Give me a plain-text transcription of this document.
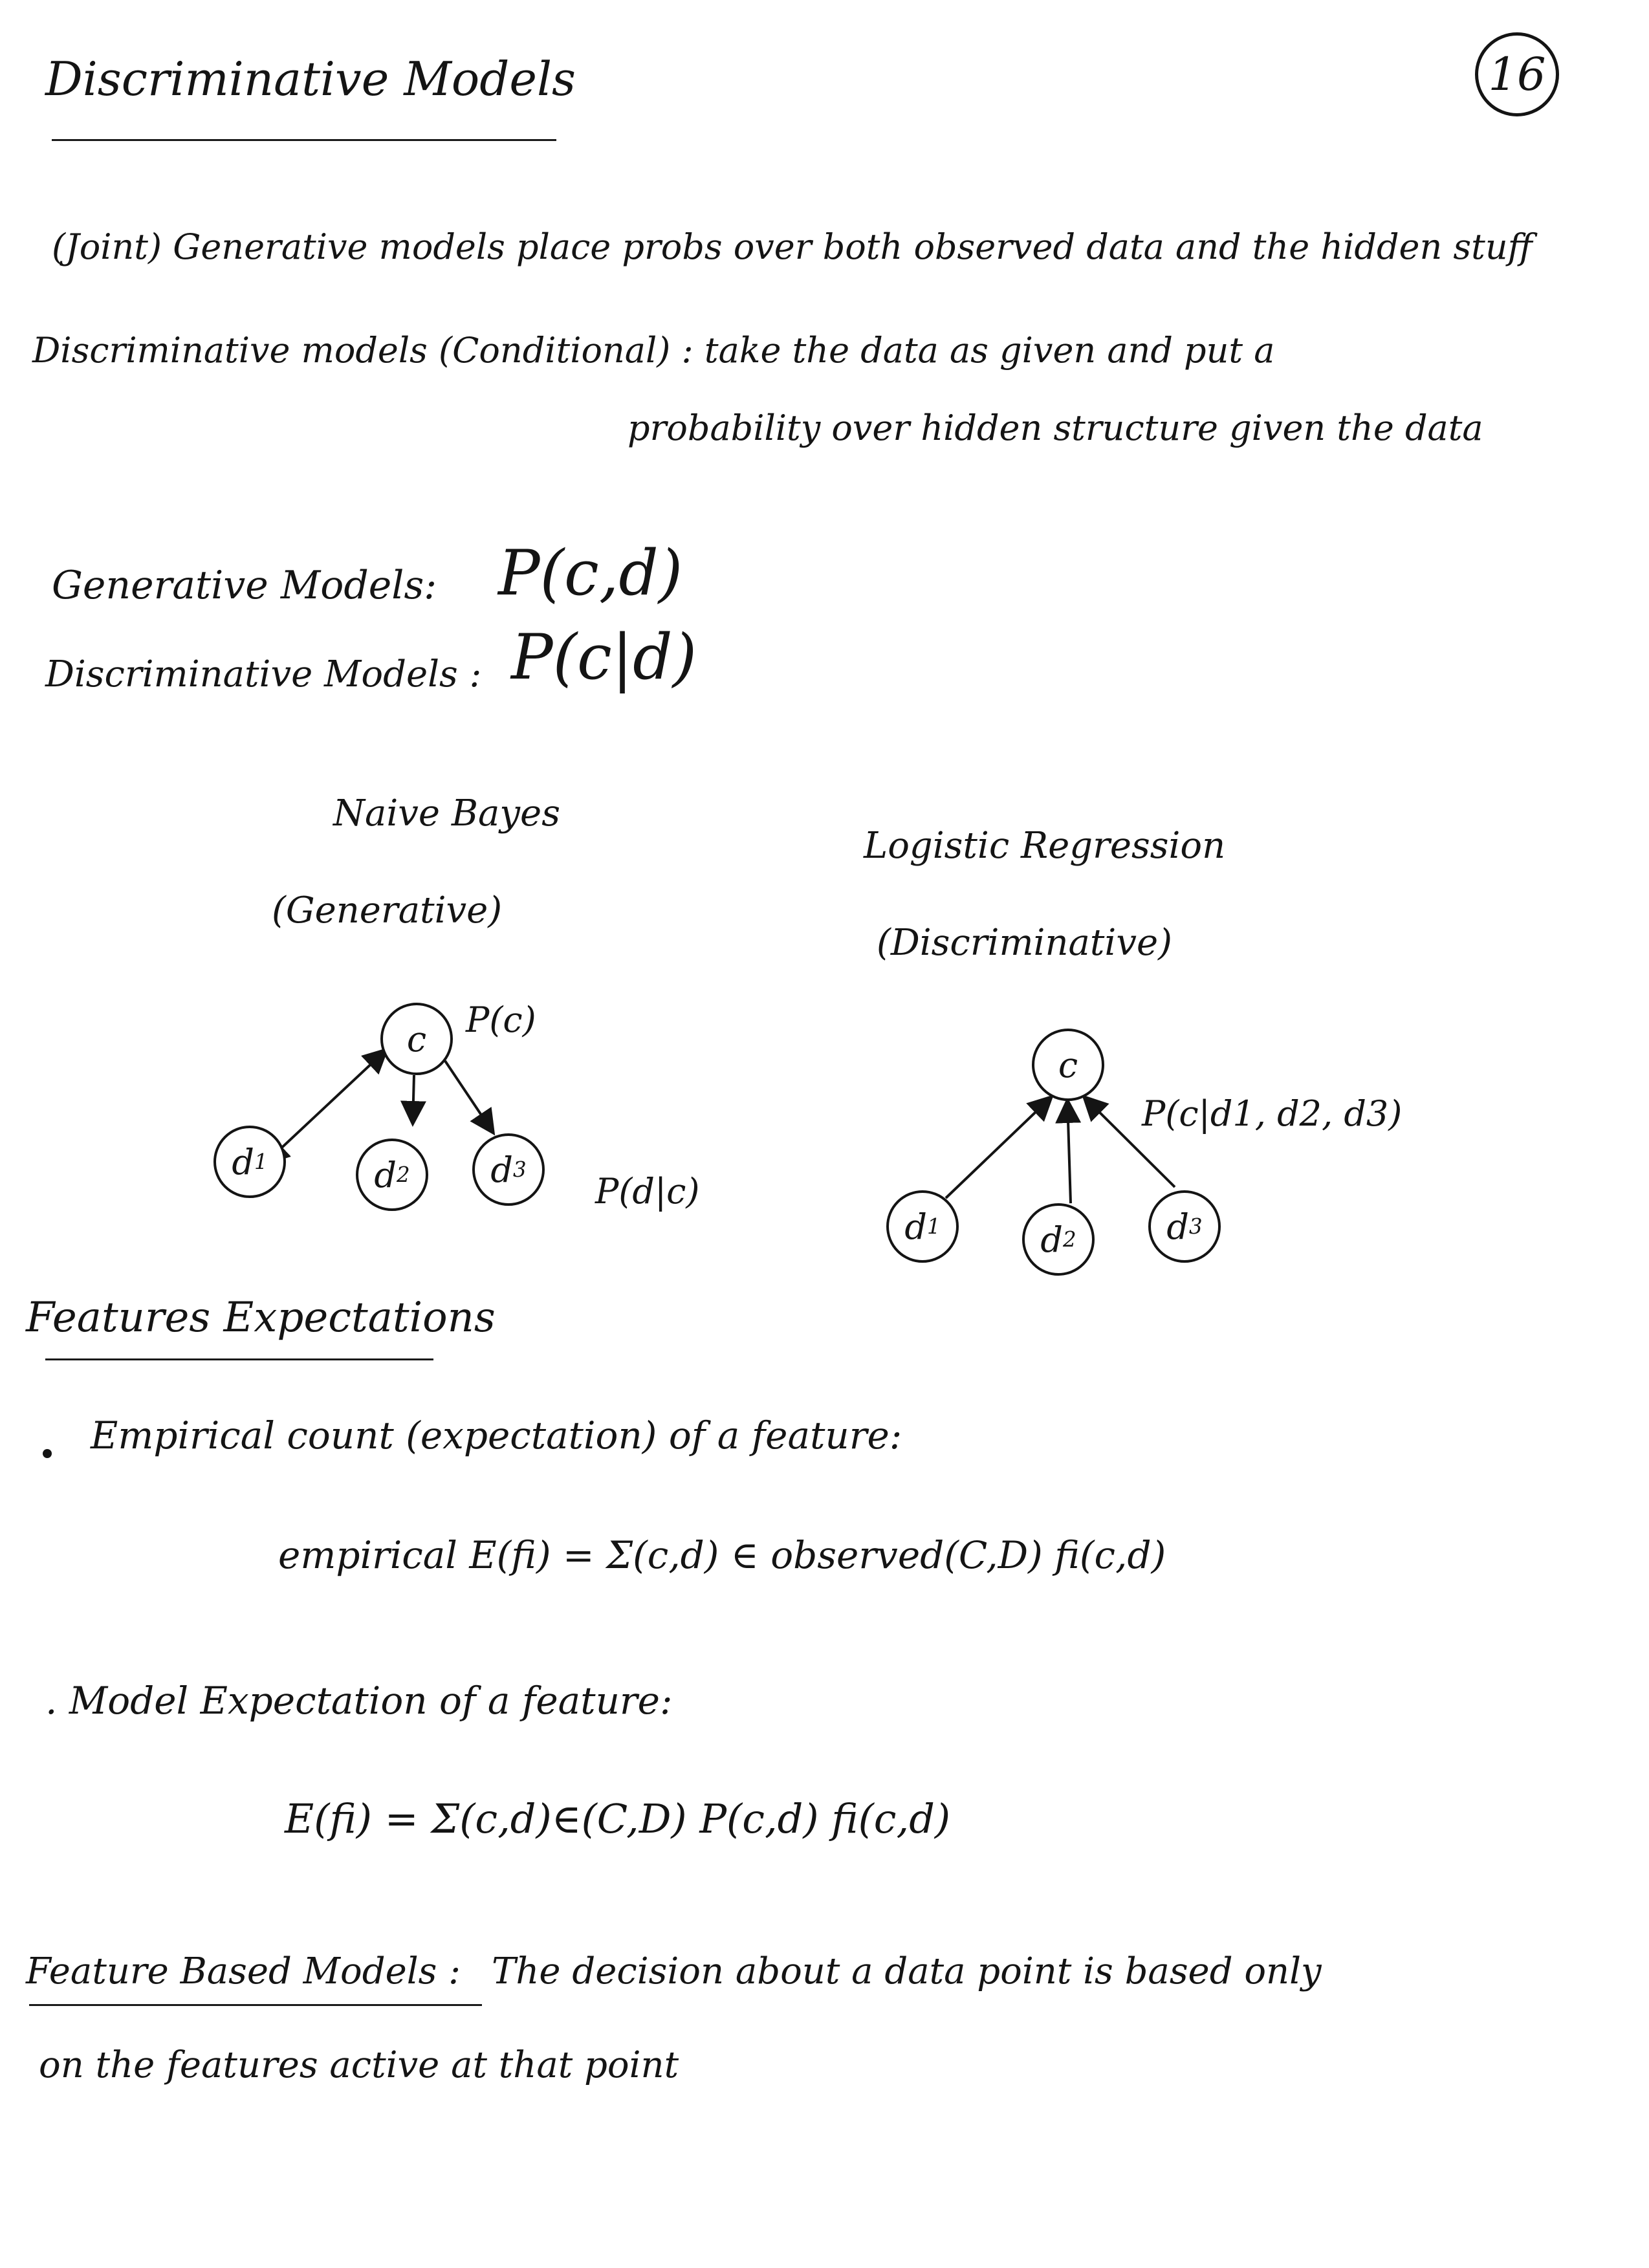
Discriminative Models	16
(Joint) Generative models place probs over both observed data and the hidden stuff
Discriminative models (Conditional) : take the data as given and put a
probability over hidden structure given the data
Generative Models : P(c,d)
Discriminative Models : P(c|d)
Naive Bayes
(Generative)
c	P(c)
d 1	d 2	d 3
P(d|c)
Logistic Regression
(Discriminative)
c
P(c|d1, d2, d3)
d 1	d 2	d 3
Features Expectations
Empirical count (expectation) of a feature:
empirical E(fi) = Σ(c,d) ∈ observed(C,D) fi(c,d)
. Model Expectation of a feature:
E(fi) = Σ(c,d)∈(C,D) P(c,d) fi(c,d)
Feature Based Models : The decision about a data point is based only
on the features active at that point
